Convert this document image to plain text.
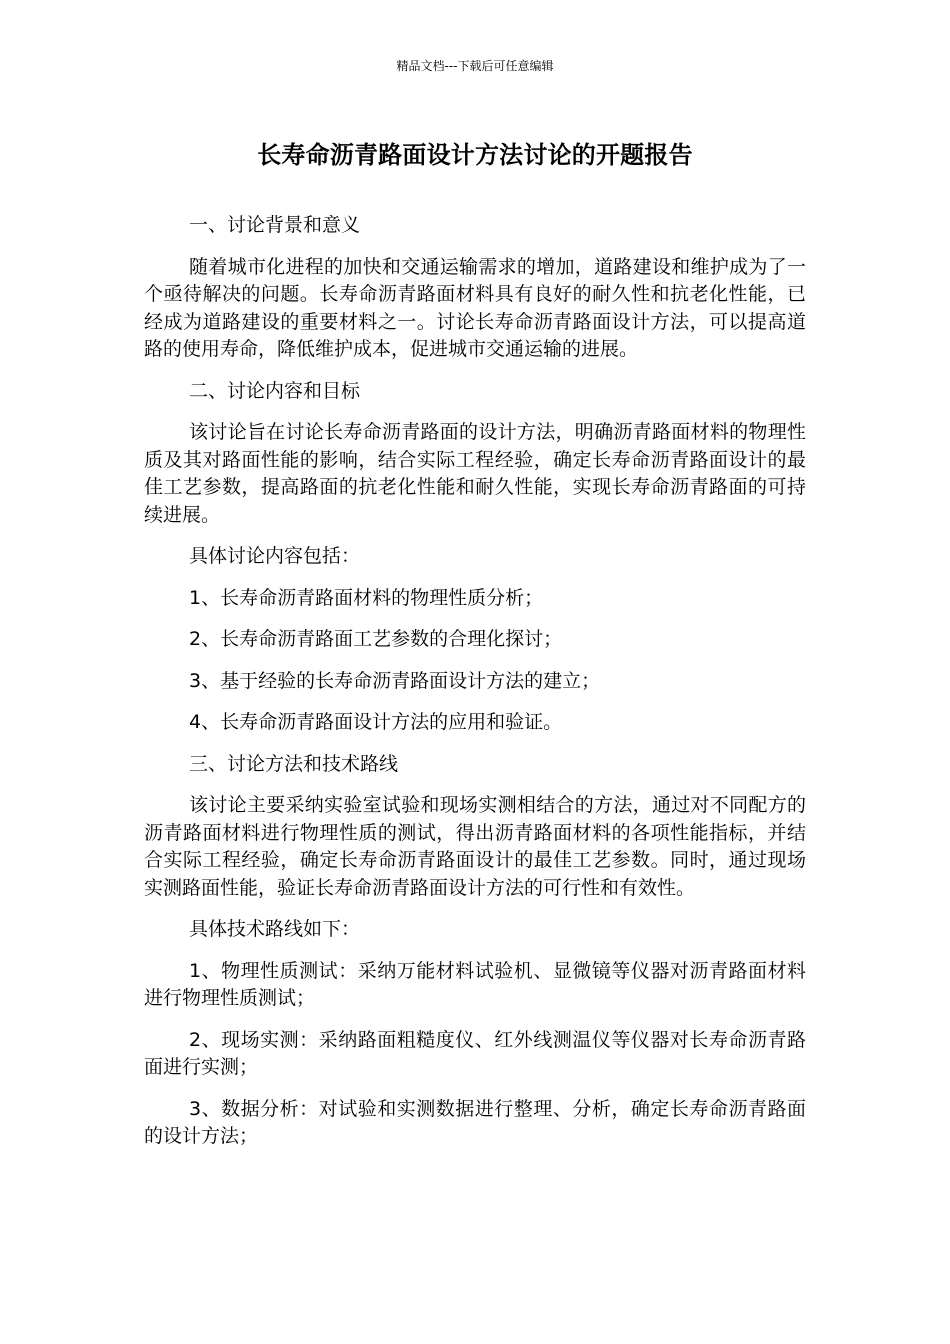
精品文档---下载后可任意编辑
长寿命沥青路面设计方法讨论的开题报告

一、讨论背景和意义

随着城市化进程的加快和交通运输需求的增加，道路建设和维护成为了一个亟待解决的问题。长寿命沥青路面材料具有良好的耐久性和抗老化性能，已经成为道路建设的重要材料之一。讨论长寿命沥青路面设计方法，可以提高道路的使用寿命，降低维护成本，促进城市交通运输的进展。

二、讨论内容和目标

该讨论旨在讨论长寿命沥青路面的设计方法，明确沥青路面材料的物理性质及其对路面性能的影响，结合实际工程经验，确定长寿命沥青路面设计的最佳工艺参数，提高路面的抗老化性能和耐久性能，实现长寿命沥青路面的可持续进展。

具体讨论内容包括：

1、长寿命沥青路面材料的物理性质分析；

2、长寿命沥青路面工艺参数的合理化探讨；

3、基于经验的长寿命沥青路面设计方法的建立；

4、长寿命沥青路面设计方法的应用和验证。

三、讨论方法和技术路线

该讨论主要采纳实验室试验和现场实测相结合的方法，通过对不同配方的沥青路面材料进行物理性质的测试，得出沥青路面材料的各项性能指标，并结合实际工程经验，确定长寿命沥青路面设计的最佳工艺参数。同时，通过现场实测路面性能，验证长寿命沥青路面设计方法的可行性和有效性。

具体技术路线如下：

1、物理性质测试：采纳万能材料试验机、显微镜等仪器对沥青路面材料进行物理性质测试；

2、现场实测：采纳路面粗糙度仪、红外线测温仪等仪器对长寿命沥青路面进行实测；

3、数据分析：对试验和实测数据进行整理、分析，确定长寿命沥青路面的设计方法；
